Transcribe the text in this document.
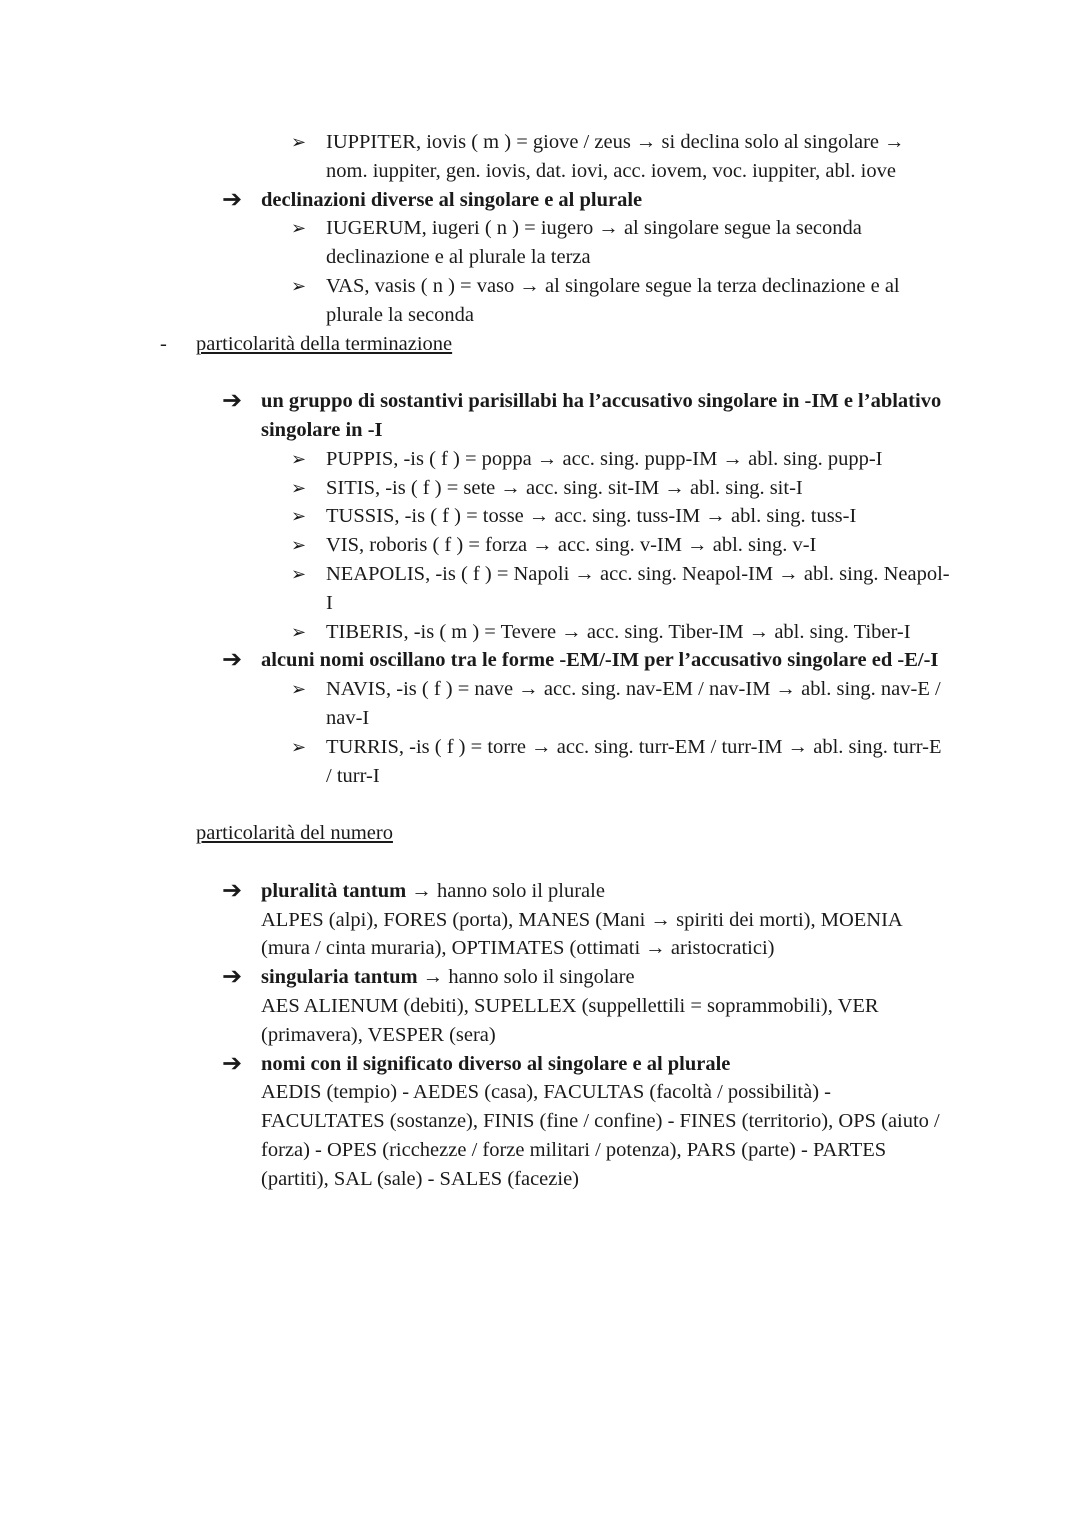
➢ IUPPITER, iovis ( m ) = giove / zeus → si declina solo al singolare → nom. iuppiter, gen. iovis, dat. iovi, acc. iovem, voc. iuppiter, abl. iove
➔ declinazioni diverse al singolare e al plurale
➢ IUGERUM, iugeri ( n ) = iugero → al singolare segue la seconda declinazione e al plurale la terza
➢ VAS, vasis ( n ) = vaso → al singolare segue la terza declinazione e al plurale la seconda
- particolarità della terminazione
➔ un gruppo di sostantivi parisillabi ha l’accusativo singolare in -IM e l’ablativo singolare in -I
➢ PUPPIS, -is ( f ) = poppa → acc. sing. pupp-IM → abl. sing. pupp-I
➢ SITIS, -is ( f ) = sete → acc. sing. sit-IM → abl. sing. sit-I
➢ TUSSIS, -is ( f ) = tosse → acc. sing. tuss-IM → abl. sing. tuss-I
➢ VIS, roboris ( f ) = forza → acc. sing. v-IM → abl. sing. v-I
➢ NEAPOLIS, -is ( f ) = Napoli → acc. sing. Neapol-IM → abl. sing. Neapol-I
➢ TIBERIS, -is ( m ) = Tevere → acc. sing. Tiber-IM → abl. sing. Tiber-I
➔ alcuni nomi oscillano tra le forme -EM/-IM per l’accusativo singolare ed -E/-I
➢ NAVIS, -is ( f ) = nave → acc. sing. nav-EM / nav-IM → abl. sing. nav-E / nav-I
➢ TURRIS, -is ( f ) = torre → acc. sing. turr-EM / turr-IM → abl. sing. turr-E / turr-I
particolarità del numero
➔ pluralità tantum → hanno solo il plurale
ALPES (alpi), FORES (porta), MANES (Mani → spiriti dei morti), MOENIA (mura / cinta muraria), OPTIMATES (ottimati → aristocratici)
➔ singularia tantum → hanno solo il singolare
AES ALIENUM (debiti), SUPELLEX (suppellettili = soprammobili), VER (primavera), VESPER (sera)
➔ nomi con il significato diverso al singolare e al plurale
AEDIS (tempio) - AEDES (casa), FACULTAS (facoltà / possibilità) - FACULTATES (sostanze), FINIS (fine / confine) - FINES (territorio), OPS (aiuto / forza) - OPES (ricchezze / forze militari / potenza), PARS (parte) - PARTES (partiti), SAL (sale) - SALES (facezie)
